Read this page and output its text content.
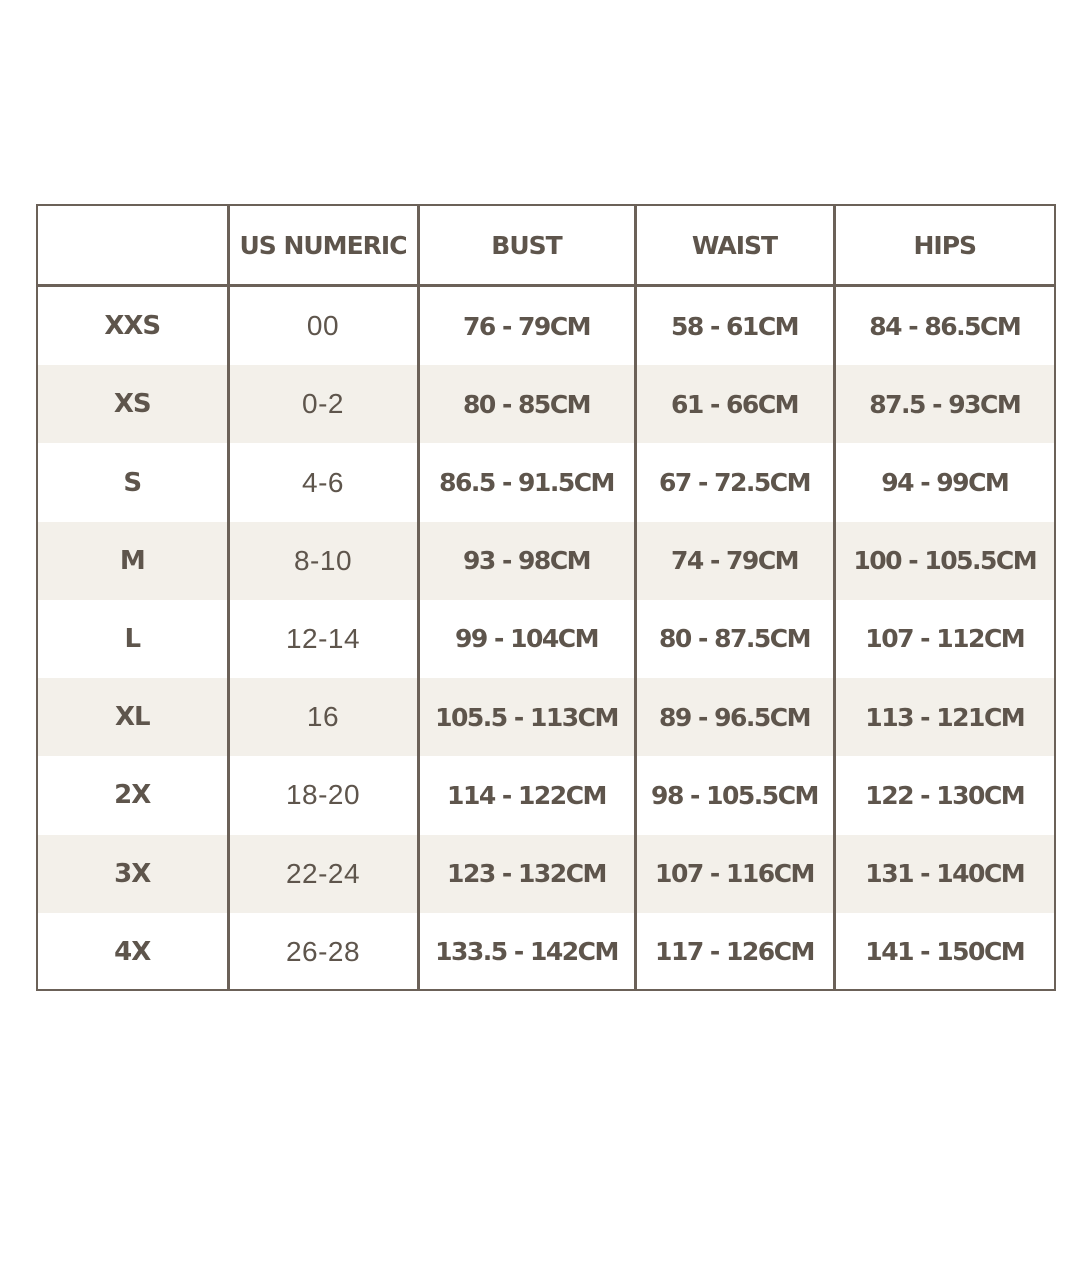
	US NUMERIC	BUST	WAIST	HIPS
XXS	00	76 - 79CM	58 - 61CM	84 - 86.5CM
XS	0-2	80 - 85CM	61 - 66CM	87.5 - 93CM
S	4-6	86.5 - 91.5CM	67 - 72.5CM	94 - 99CM
M	8-10	93 - 98CM	74 - 79CM	100 - 105.5CM
L	12-14	99 - 104CM	80 - 87.5CM	107 - 112CM
XL	16	105.5 - 113CM	89 - 96.5CM	113 - 121CM
2X	18-20	114 - 122CM	98 - 105.5CM	122 - 130CM
3X	22-24	123 - 132CM	107 - 116CM	131 - 140CM
4X	26-28	133.5 - 142CM	117 - 126CM	141 - 150CM
